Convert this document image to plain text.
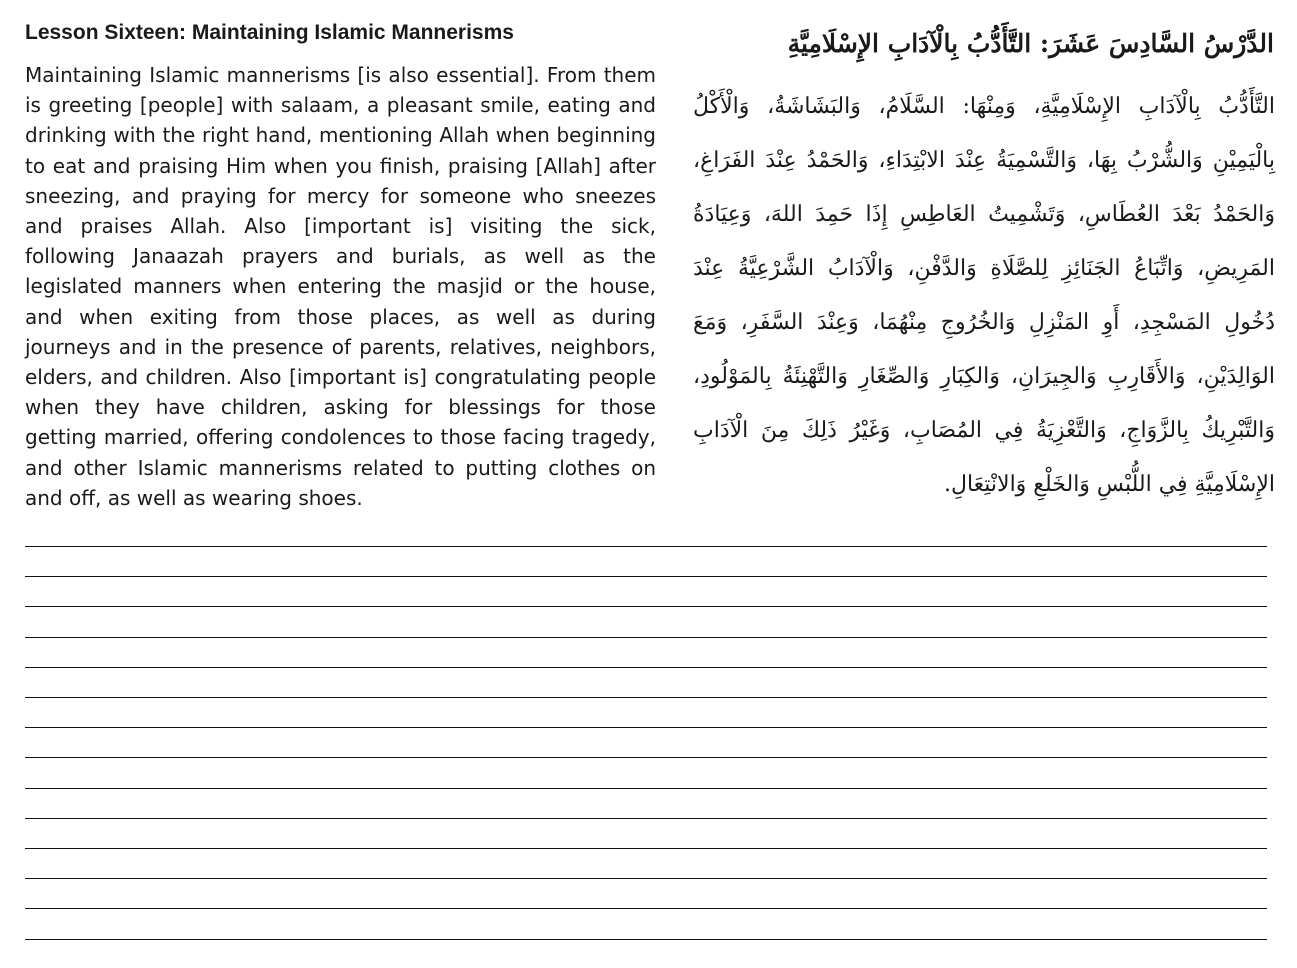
Lesson Sixteen: Maintaining Islamic Mannerisms

Maintaining Islamic mannerisms [is also essential]. From them is greeting [people] with salaam, a pleasant smile, eating and drinking with the right hand, mentioning Allah when beginning to eat and praising Him when you finish, praising [Allah] after sneezing, and praying for mercy for someone who sneezes and praises Allah. Also [important is] visiting the sick, following Janaazah prayers and burials, as well as the legislated manners when entering the masjid or the house, and when exiting from those places, as well as during journeys and in the presence of parents, relatives, neighbors, elders, and children. Also [important is] congratulating people when they have children, asking for blessings for those getting married, offering condolences to those facing tragedy, and other Islamic mannerisms related to putting clothes on and off, as well as wearing shoes.

الدَّرْسُ السَّادِسَ عَشَرَ: التَّأَدُّبُ بِالْآدَابِ الإِسْلَامِيَّةِ

التَّأَدُّبُ بِالْآدَابِ الإِسْلَامِيَّةِ، وَمِنْهَا: السَّلَامُ، وَالبَشَاشَةُ، وَالْأَكْلُ بِالْيَمِيْنِ وَالشُّرْبُ بِهَا، وَالتَّسْمِيَةُ عِنْدَ الابْتِدَاءِ، وَالحَمْدُ عِنْدَ الفَرَاغِ، وَالحَمْدُ بَعْدَ العُطَاسِ، وَتَشْمِيتُ العَاطِسِ إِذَا حَمِدَ اللهَ، وَعِيَادَةُ المَرِيضِ، وَاتِّبَاعُ الجَنَائِزِ لِلصَّلَاةِ وَالدَّفْنِ، وَالْآدَابُ الشَّرْعِيَّةُ عِنْدَ دُخُولِ المَسْجِدِ، أَوِ المَنْزِلِ وَالخُرُوجِ مِنْهُمَا، وَعِنْدَ السَّفَرِ، وَمَعَ الوَالِدَيْنِ، وَالأَقَارِبِ وَالجِيرَانِ، وَالكِبَارِ وَالصِّغَارِ وَالتَّهْنِئَةُ بِالمَوْلُودِ، وَالتَّبْرِيكُ بِالزَّوَاجِ، وَالتَّعْزِيَةُ فِي المُصَابِ، وَغَيْرُ ذَلِكَ مِنَ الْآدَابِ الإِسْلَامِيَّةِ فِي اللُّبْسِ وَالخَلْعِ وَالانْتِعَالِ.
